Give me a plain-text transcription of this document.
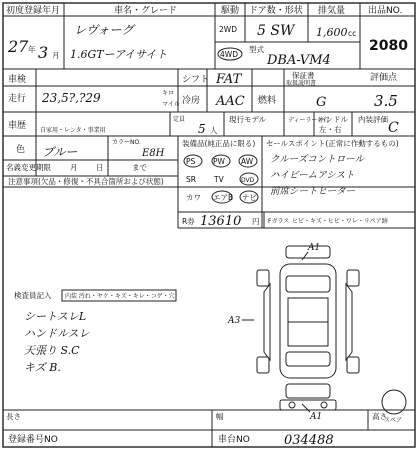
初度登録年月
27 年 3 月
車名・グレード
レヴォーグ
1.6GTーアイサイト
駆動
2WD
4WD
ドア数・形状
5 SW
排気量
1,600 cc
型式
DBA-VM4
出品NO.
2080
車検	シフト FAT	保証書
取扱説明書
評価点
3.5
走行 23,5?,?29	キロ
マイル 冷房 AAC 燃料	G
車歴 自家用・レンタ・事業用
定員
5 人
現行モデル	ディーラー並行
ハンドル
左・右
内装評価
C
色 ブルー
カラーNO.
E8H
名義変更期限	月 日	まで
注意事項(欠品・修復・不具合箇所および状態)
装備品(純正品に限る)
PS PW AW
SR TV	DVD
カワ エアB ナビ
R券 13610 円 Fガラス ヒビ・キズ・ヒビ・ワレ・リペア跡
セールスポイント(正常に作動するもの)
クルーズコントロール
ハイビームアシスト
前席シートヒーター
検査員記入 内装 汚れ・ヤケ・キズ・キレ・コゲ・穴
シートスレL
ハンドルスレ
天張り S.C
キズ B.
A1
A3
A1	スペア
長さ	幅	高さ
登録番号NO	車台NO	034488
